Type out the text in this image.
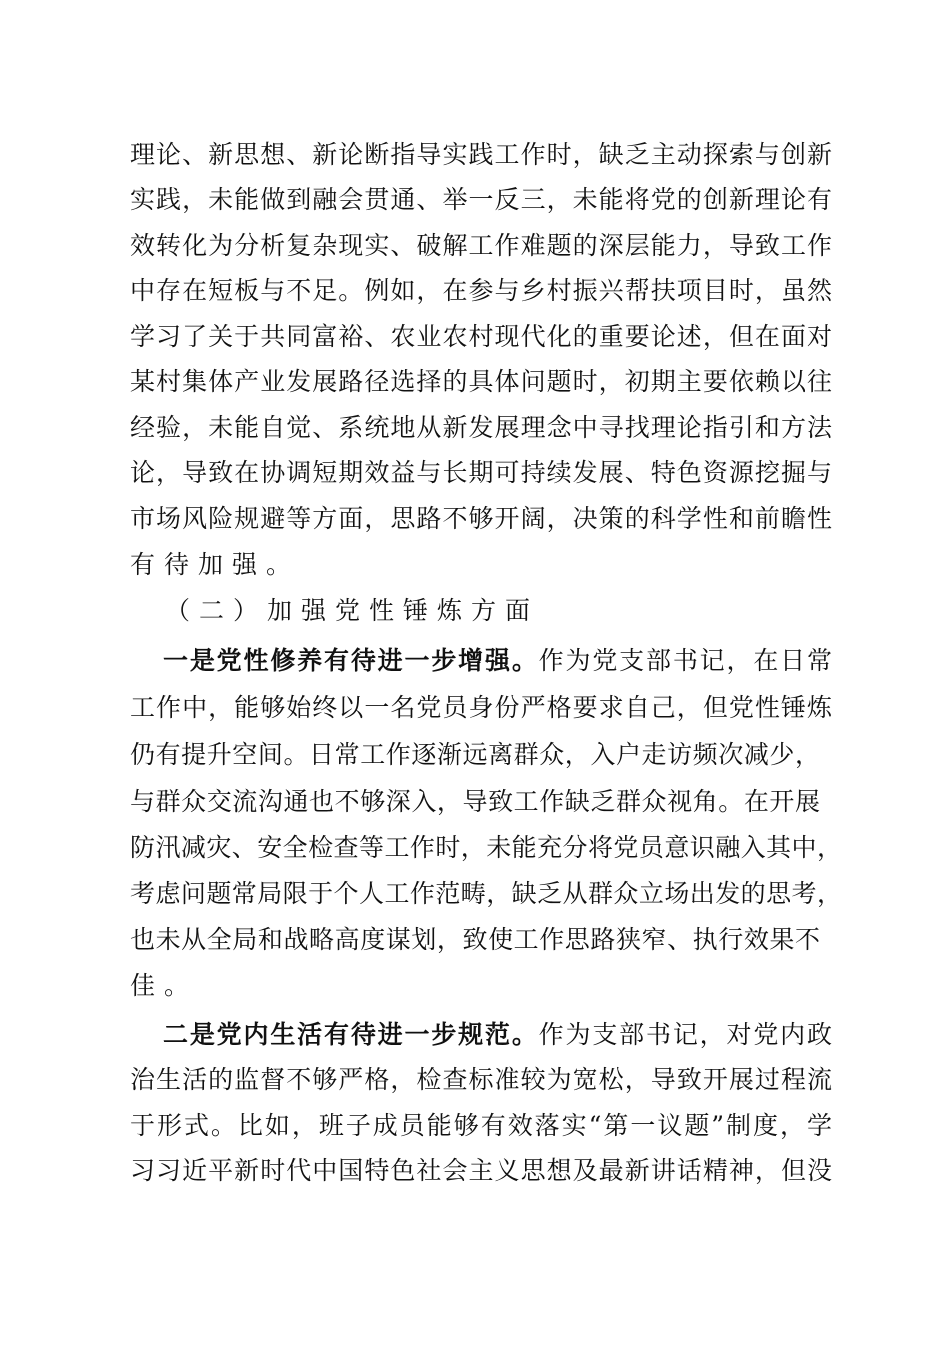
理论、新思想、新论断指导实践工作时，缺乏主动探索与创新
实践，未能做到融会贯通、举一反三，未能将党的创新理论有
效转化为分析复杂现实、破解工作难题的深层能力，导致工作
中存在短板与不足。例如，在参与乡村振兴帮扶项目时，虽然
学习了关于共同富裕、农业农村现代化的重要论述，但在面对
某村集体产业发展路径选择的具体问题时，初期主要依赖以往
经验，未能自觉、系统地从新发展理念中寻找理论指引和方法
论，导致在协调短期效益与长期可持续发展、特色资源挖掘与
市场风险规避等方面，思路不够开阔，决策的科学性和前瞻性
有待加强。
（二）加强党性锤炼方面
一是党性修养有待进一步增强。作为党支部书记，在日常
工作中，能够始终以一名党员身份严格要求自己，但党性锤炼
仍有提升空间。日常工作逐渐远离群众，入户走访频次减少，
与群众交流沟通也不够深入，导致工作缺乏群众视角。在开展
防汛减灾、安全检查等工作时，未能充分将党员意识融入其中，
考虑问题常局限于个人工作范畴，缺乏从群众立场出发的思考，
也未从全局和战略高度谋划，致使工作思路狭窄、执行效果不
佳。
二是党内生活有待进一步规范。作为支部书记，对党内政
治生活的监督不够严格，检查标准较为宽松，导致开展过程流
于形式。比如，班子成员能够有效落实“第一议题”制度，学
习习近平新时代中国特色社会主义思想及最新讲话精神，但没
